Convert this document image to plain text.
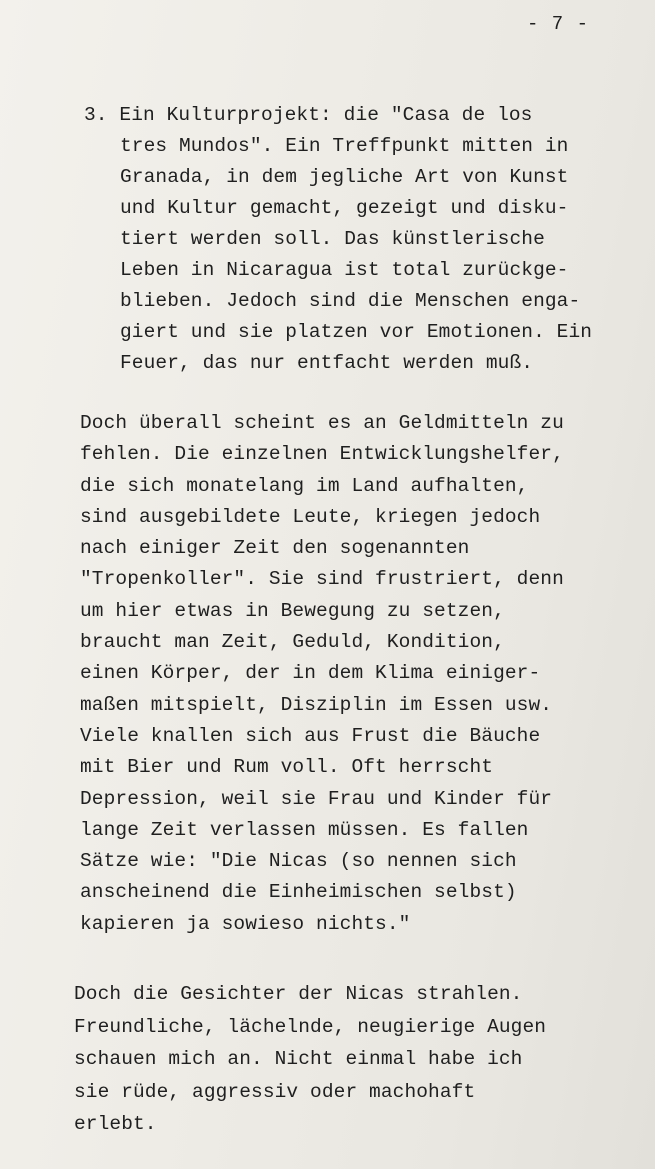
- 7 -
3. Ein Kulturprojekt: die "Casa de los
tres Mundos". Ein Treffpunkt mitten in
Granada, in dem jegliche Art von Kunst
und Kultur gemacht, gezeigt und disku-
tiert werden soll. Das künstlerische
Leben in Nicaragua ist total zurückge-
blieben. Jedoch sind die Menschen enga-
giert und sie platzen vor Emotionen. Ein
Feuer, das nur entfacht werden muß.
Doch überall scheint es an Geldmitteln zu
fehlen. Die einzelnen Entwicklungshelfer,
die sich monatelang im Land aufhalten,
sind ausgebildete Leute, kriegen jedoch
nach einiger Zeit den sogenannten
"Tropenkoller". Sie sind frustriert, denn
um hier etwas in Bewegung zu setzen,
braucht man Zeit, Geduld, Kondition,
einen Körper, der in dem Klima einiger-
maßen mitspielt, Disziplin im Essen usw.
Viele knallen sich aus Frust die Bäuche
mit Bier und Rum voll. Oft herrscht
Depression, weil sie Frau und Kinder für
lange Zeit verlassen müssen. Es fallen
Sätze wie: "Die Nicas (so nennen sich
anscheinend die Einheimischen selbst)
kapieren ja sowieso nichts."
Doch die Gesichter der Nicas strahlen.
Freundliche, lächelnde, neugierige Augen
schauen mich an. Nicht einmal habe ich
sie rüde, aggressiv oder machohaft
erlebt.
